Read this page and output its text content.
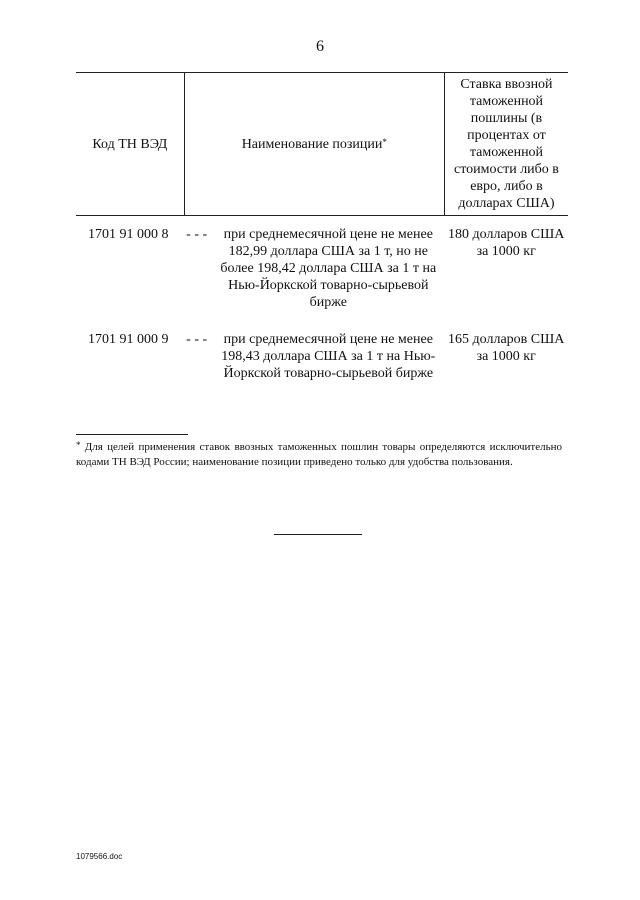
6
Код ТН ВЭД	Наименование позиции*	Ставка ввозной таможенной пошлины (в процентах от таможенной стоимости либо в евро, либо в долларах США)
1701 91 000 8	- - - при среднемесячной цене не менее 182,99 доллара США за 1 т, но не более 198,42 доллара США за 1 т на Нью-Йоркской товарно-сырьевой бирже	180 долларов США за 1000 кг
1701 91 000 9	- - - при среднемесячной цене не менее 198,43 доллара США за 1 т на Нью-Йоркской товарно-сырьевой бирже	165 долларов США за 1000 кг
* Для целей применения ставок ввозных таможенных пошлин товары определяются исключительно кодами ТН ВЭД России; наименование позиции приведено только для удобства пользования.
1079566.doc
